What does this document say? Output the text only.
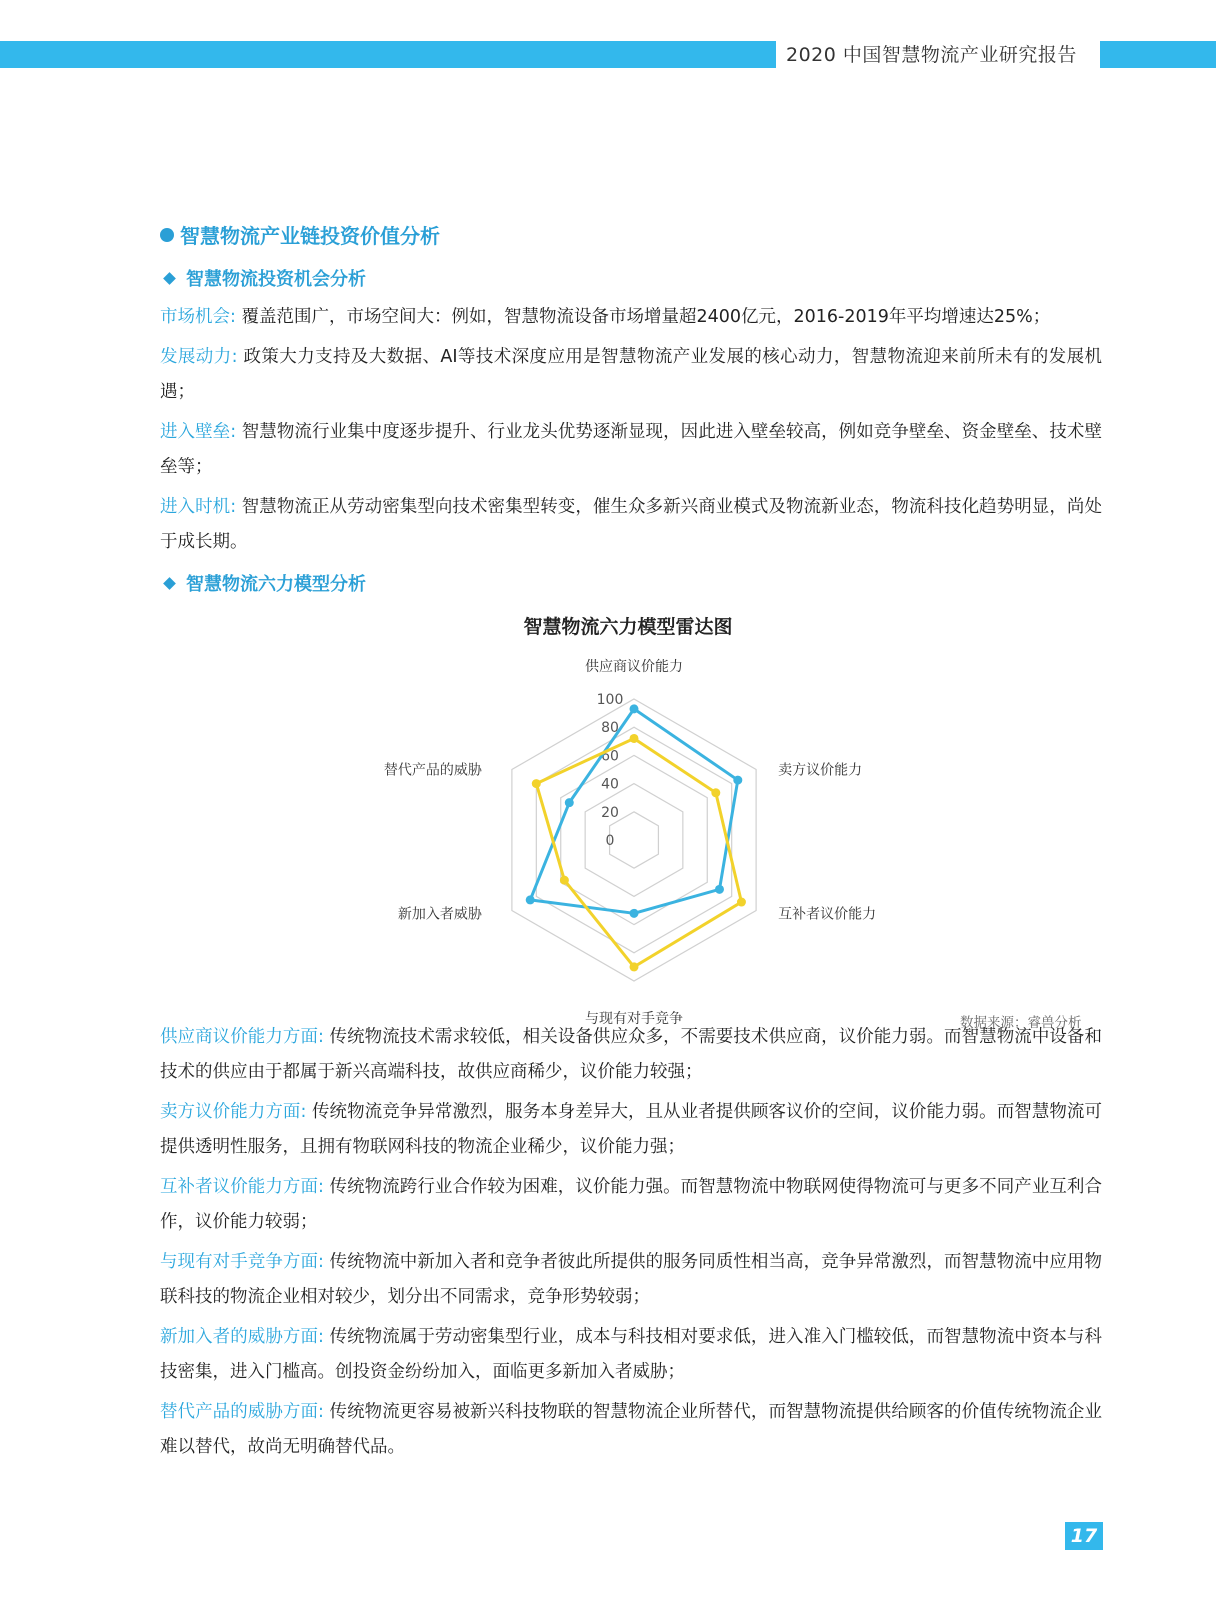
2020 中国智慧物流产业研究报告
智慧物流产业链投资价值分析
智慧物流投资机会分析
市场机会: 覆盖范围广，市场空间大：例如，智慧物流设备市场增量超2400亿元，2016-2019年平均增速达25%；
发展动力: 政策大力支持及大数据、AI等技术深度应用是智慧物流产业发展的核心动力，智慧物流迎来前所未有的发展机遇；
进入壁垒: 智慧物流行业集中度逐步提升、行业龙头优势逐渐显现，因此进入壁垒较高，例如竞争壁垒、资金壁垒、技术壁垒等；
进入时机: 智慧物流正从劳动密集型向技术密集型转变，催生众多新兴商业模式及物流新业态，物流科技化趋势明显，尚处于成长期。
智慧物流六力模型分析
智慧物流六力模型雷达图
0
20
40
60
80
100
供应商议价能力
卖方议价能力
互补者议价能力
与现有对手竞争
新加入者威胁
替代产品的威胁
数据来源：睿兽分析
供应商议价能力方面: 传统物流技术需求较低，相关设备供应众多，不需要技术供应商，议价能力弱。而智慧物流中设备和技术的供应由于都属于新兴高端科技，故供应商稀少，议价能力较强；
卖方议价能力方面: 传统物流竞争异常激烈，服务本身差异大，且从业者提供顾客议价的空间，议价能力弱。而智慧物流可提供透明性服务，且拥有物联网科技的物流企业稀少，议价能力强；
互补者议价能力方面: 传统物流跨行业合作较为困难，议价能力强。而智慧物流中物联网使得物流可与更多不同产业互利合作，议价能力较弱；
与现有对手竞争方面: 传统物流中新加入者和竞争者彼此所提供的服务同质性相当高，竞争异常激烈，而智慧物流中应用物联科技的物流企业相对较少，划分出不同需求，竞争形势较弱；
新加入者的威胁方面: 传统物流属于劳动密集型行业，成本与科技相对要求低，进入准入门槛较低，而智慧物流中资本与科技密集，进入门槛高。创投资金纷纷加入，面临更多新加入者威胁；
替代产品的威胁方面: 传统物流更容易被新兴科技物联的智慧物流企业所替代，而智慧物流提供给顾客的价值传统物流企业难以替代，故尚无明确替代品。
17
